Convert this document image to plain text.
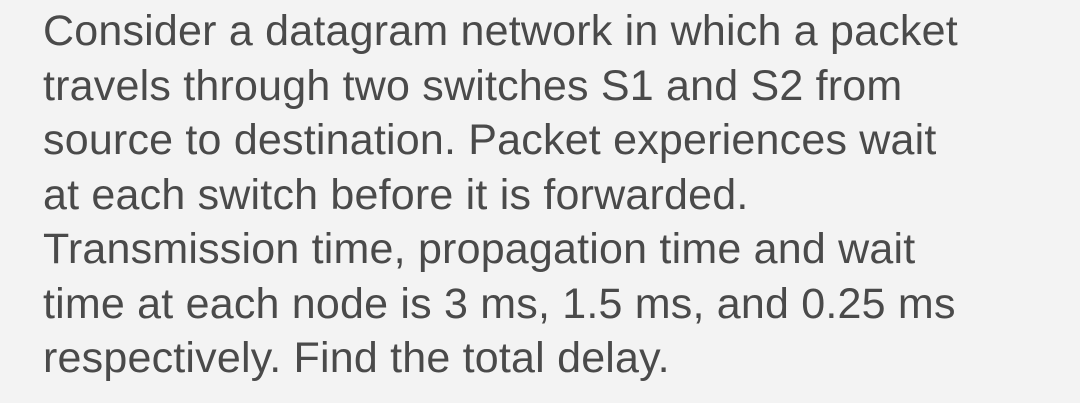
Consider a datagram network in which a packet
travels through two switches S1 and S2 from
source to destination. Packet experiences wait
at each switch before it is forwarded.
Transmission time, propagation time and wait
time at each node is 3 ms, 1.5 ms, and 0.25 ms
respectively. Find the total delay.
